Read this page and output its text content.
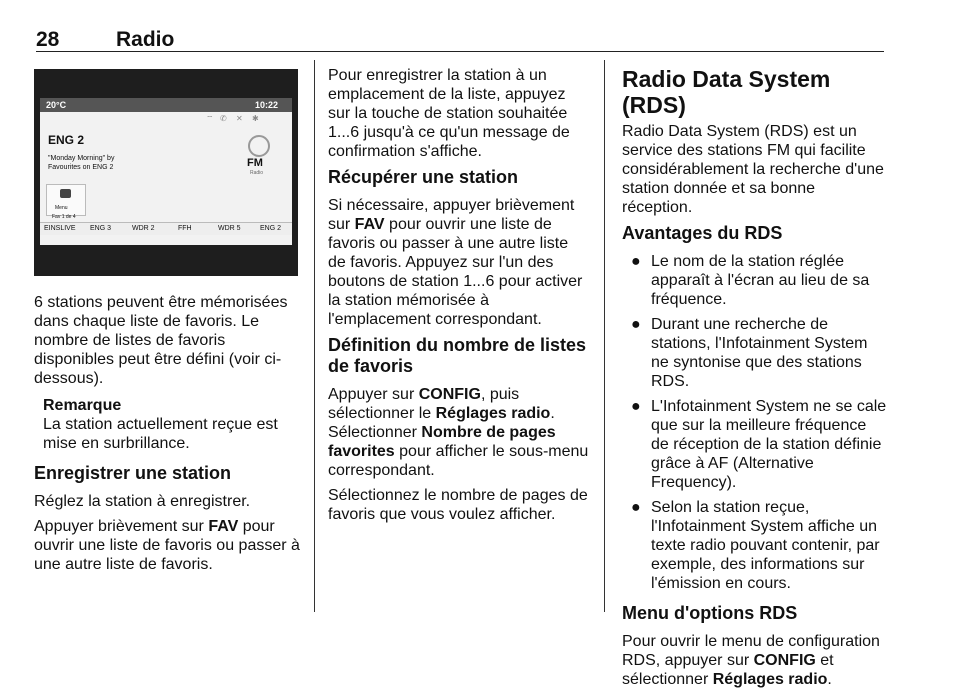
28	Radio
20°C	10:22
⌔ ✆ ✕ ✱
ENG 2
"Monday Morning" by
Favourites on ENG 2	FM
Radio
Menu
Fav 1 de 4
EINSLIVE ENG 3	WDR 2	FFH	WDR 5	ENG 2

6 stations peuvent être mémorisées dans chaque liste de favoris. Le nombre de listes de favoris disponibles peut être défini (voir ci-dessous).

Remarque
La station actuellement reçue est mise en surbrillance.
Enregistrer une station

Réglez la station à enregistrer.

Appuyer brièvement sur FAV pour ouvrir une liste de favoris ou passer à une autre liste de favoris.

Pour enregistrer la station à un emplacement de la liste, appuyez sur la touche de station souhaitée 1...6 jusqu'à ce qu'un message de confirmation s'affiche.

Récupérer une station

Si nécessaire, appuyer brièvement sur FAV pour ouvrir une liste de favoris ou passer à une autre liste de favoris. Appuyez sur l'un des boutons de station 1...6 pour activer la station mémorisée à l'emplacement correspondant.

Définition du nombre de listes de favoris

Appuyer sur CONFIG, puis sélectionner le Réglages radio. Sélectionner Nombre de pages favorites pour afficher le sous-menu correspondant.

Sélectionnez le nombre de pages de favoris que vous voulez afficher.

Radio Data System (RDS)

Radio Data System (RDS) est un service des stations FM qui facilite considérablement la recherche d'une station donnée et sa bonne réception.

Avantages du RDS
● Le nom de la station réglée apparaît à l'écran au lieu de sa fréquence.
● Durant une recherche de stations, l'Infotainment System ne syntonise que des stations RDS.
● L'Infotainment System ne se cale que sur la meilleure fréquence de réception de la station définie grâce à AF (Alternative Frequency).
● Selon la station reçue, l'Infotainment System affiche un texte radio pouvant contenir, par exemple, des informations sur l'émission en cours.
Menu d'options RDS

Pour ouvrir le menu de configuration RDS, appuyer sur CONFIG et sélectionner Réglages radio.
